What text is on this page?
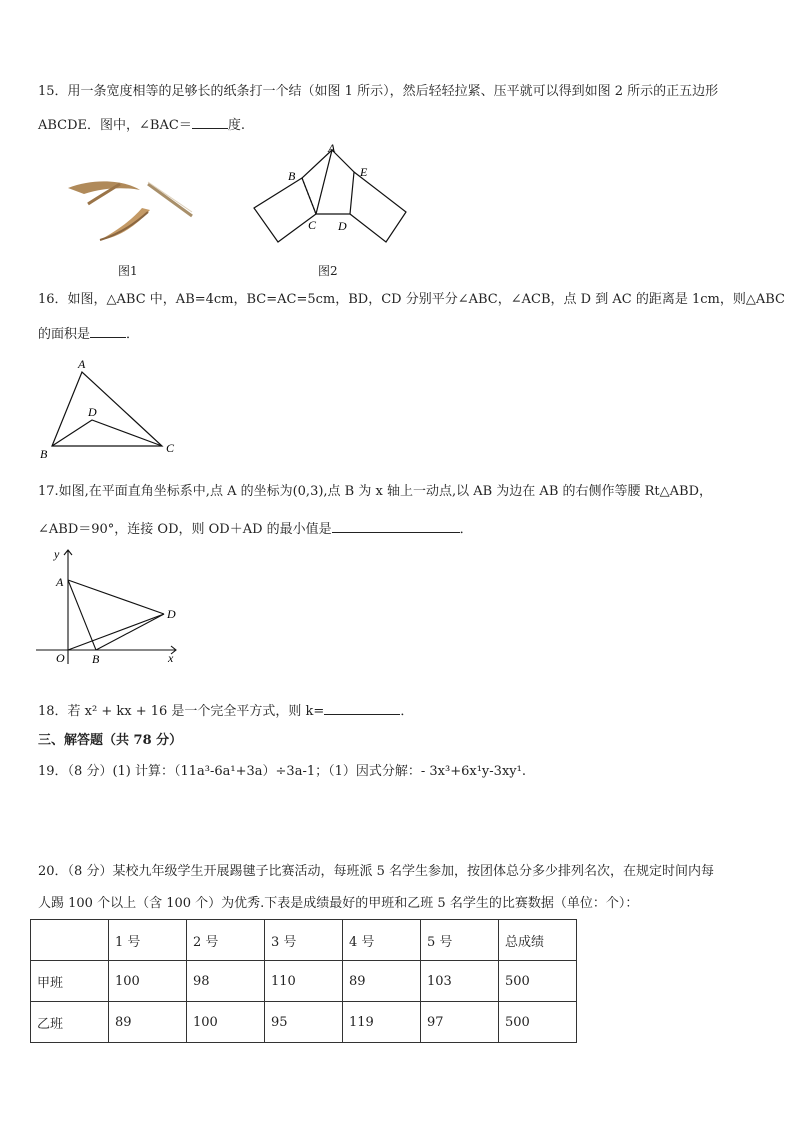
15．用一条宽度相等的足够长的纸条打一个结（如图 1 所示），然后轻轻拉紧、压平就可以得到如图 2 所示的正五边形
ABCDE．图中，∠BAC＝	度.
图1
A
B
C D
E
图2
16．如图，△ABC 中，AB=4cm，BC=AC=5cm，BD，CD 分别平分∠ABC，∠ACB，点 D 到 AC 的距离是 1cm，则△ABC
的面积是	．
A
B	C
D
17.如图,在平面直角坐标系中,点 A 的坐标为(0,3),点 B 为 x 轴上一动点,以 AB 为边在 AB 的右侧作等腰 Rt△ABD，
∠ABD＝90°，连接 OD，则 OD＋AD 的最小值是	．
y
x
O
A
B
D
18．若 x² + kx + 16 是一个完全平方式，则 k=	．
三、解答题（共 78 分）
19．（8 分）(1) 计算：（11a³-6a¹+3a）÷3a-1；（1）因式分解：- 3x³+6x¹y-3xy¹.
20．（8 分）某校九年级学生开展踢毽子比赛活动，每班派 5 名学生参加，按团体总分多少排列名次，在规定时间内每
人踢 100 个以上（含 100 个）为优秀.下表是成绩最好的甲班和乙班 5 名学生的比赛数据（单位：个）：
	1 号	2 号	3 号	4 号	5 号	总成绩
甲班	100	98	110	89	103	500
乙班	89	100	95	119	97	500
